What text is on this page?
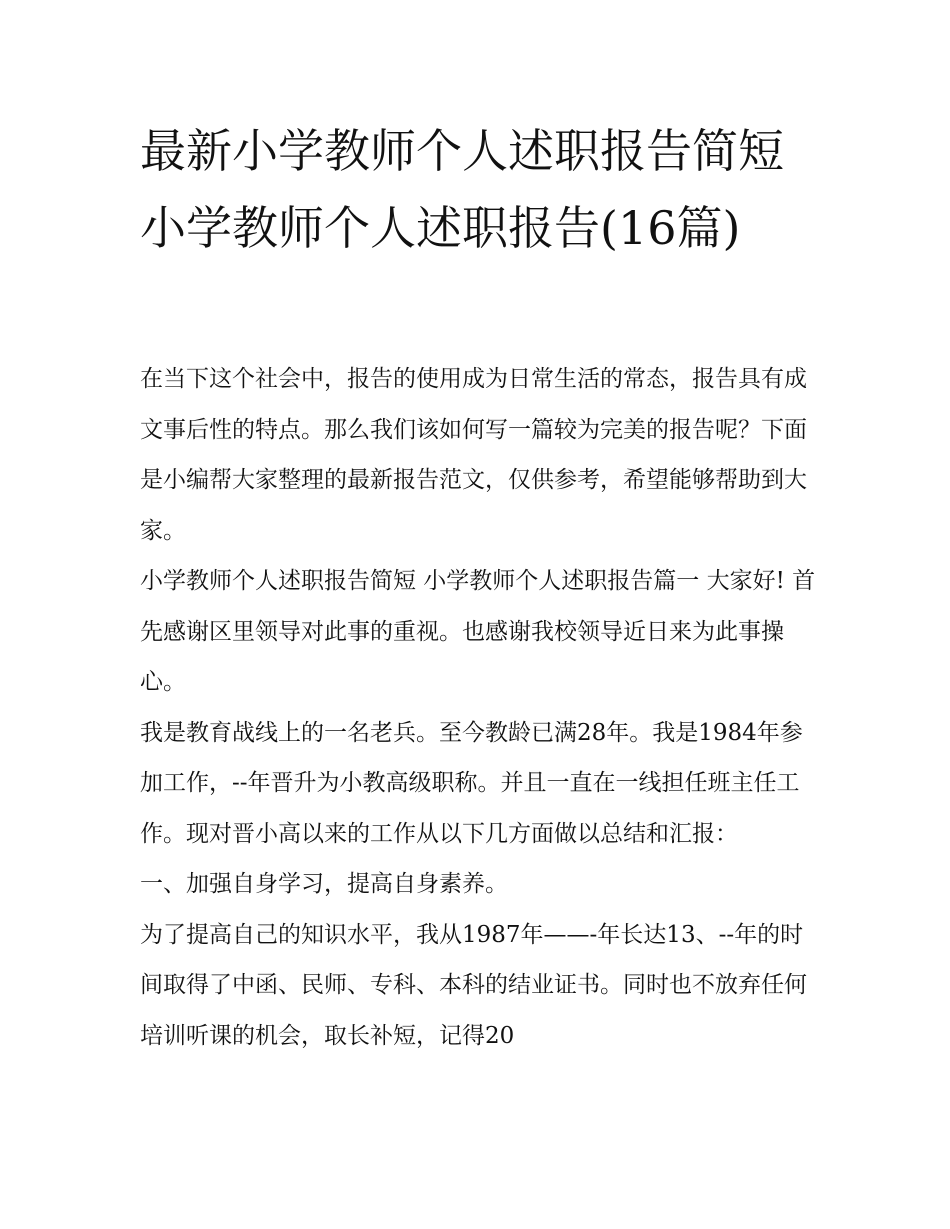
最新小学教师个人述职报告简短 小学教师个人述职报告(16篇)

在当下这个社会中，报告的使用成为日常生活的常态，报告具有成文事后性的特点。那么我们该如何写一篇较为完美的报告呢？下面是小编帮大家整理的最新报告范文，仅供参考，希望能够帮助到大家。

小学教师个人述职报告简短 小学教师个人述职报告篇一 大家好! 首先感谢区里领导对此事的重视。也感谢我校领导近日来为此事操心。

我是教育战线上的一名老兵。至今教龄已满28年。我是1984年参加工作，--年晋升为小教高级职称。并且一直在一线担任班主任工作。现对晋小高以来的工作从以下几方面做以总结和汇报：

一、加强自身学习，提高自身素养。

为了提高自己的知识水平，我从1987年——-年长达13、--年的时间取得了中函、民师、专科、本科的结业证书。同时也不放弃任何培训听课的机会，取长补短，记得20
